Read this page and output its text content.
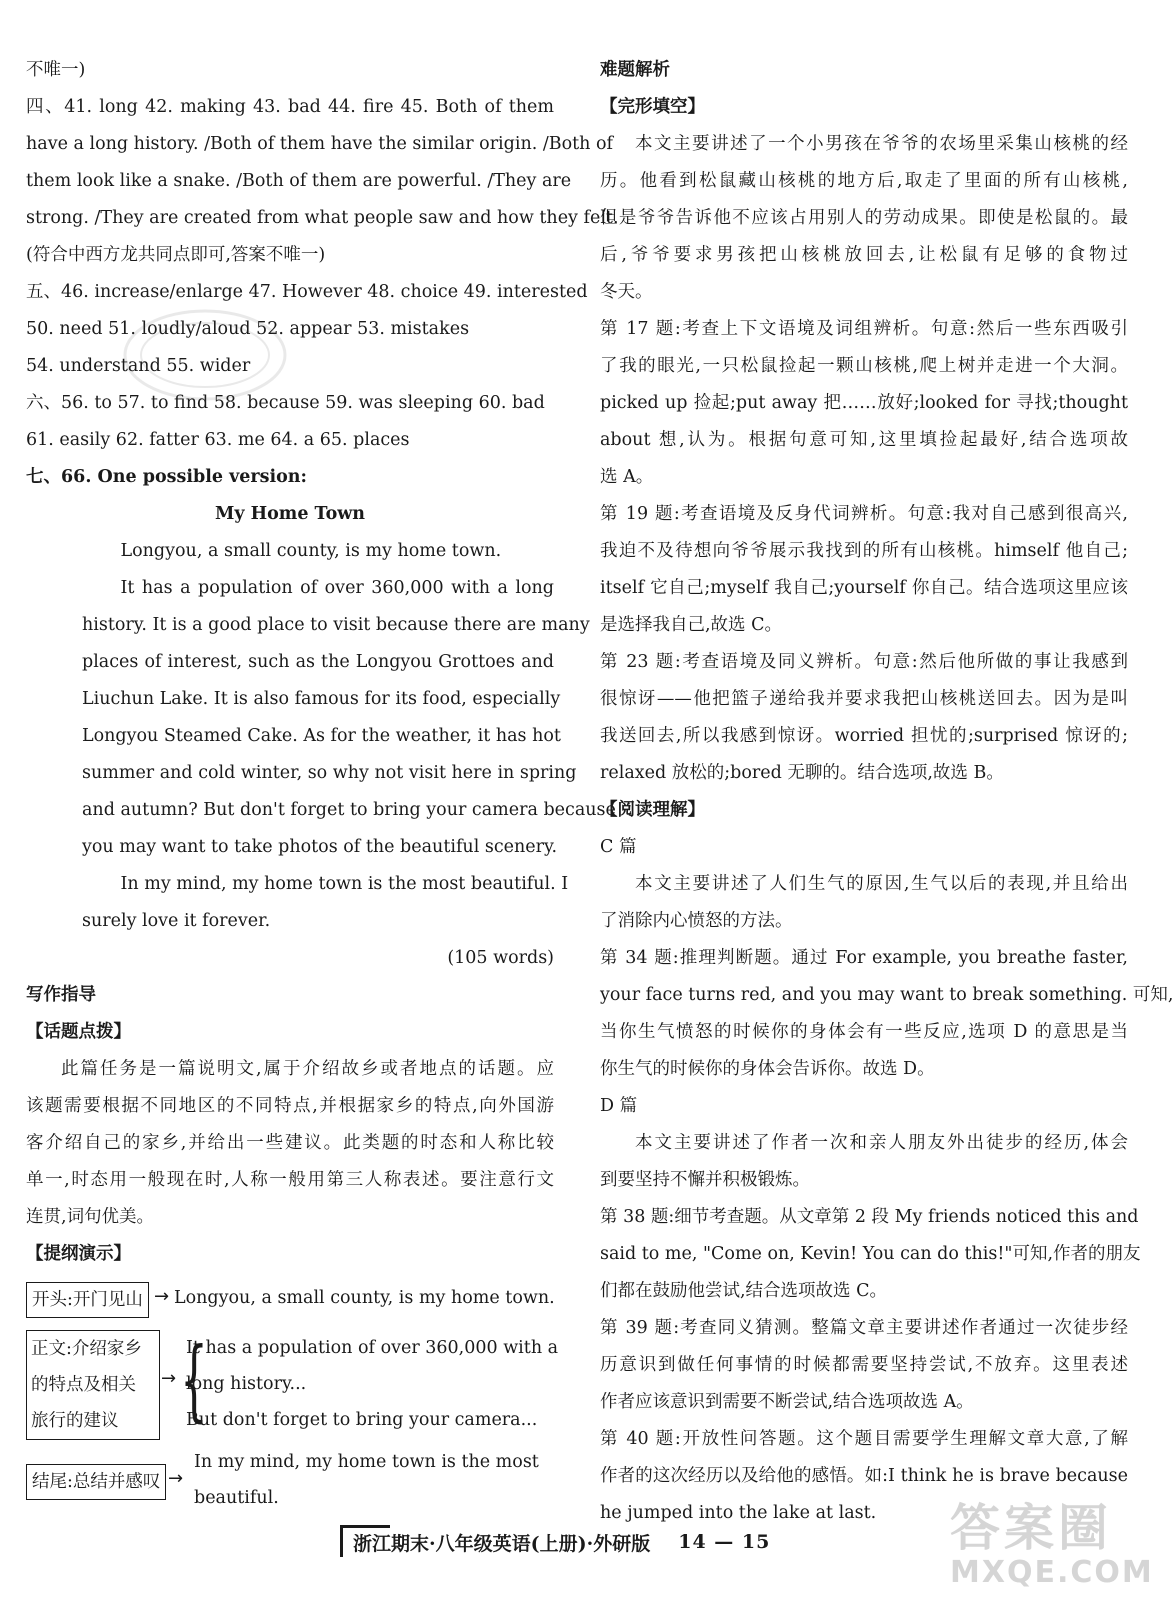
不唯一)
四、41. long 42. making 43. bad 44. fire 45. Both of them
have a long history. /Both of them have the similar origin. /Both of
them look like a snake. /Both of them are powerful. /They are
strong. /They are created from what people saw and how they felt.
(符合中西方龙共同点即可,答案不唯一)
五、46. increase/enlarge 47. However 48. choice 49. interested
50. need 51. loudly/aloud 52. appear 53. mistakes
54. understand 55. wider
六、56. to 57. to find 58. because 59. was sleeping 60. bad
61. easily 62. fatter 63. me 64. a 65. places
七、66. One possible version:
My Home Town
Longyou, a small county, is my home town.
It has a population of over 360,000 with a long
history. It is a good place to visit because there are many
places of interest, such as the Longyou Grottoes and
Liuchun Lake. It is also famous for its food, especially
Longyou Steamed Cake. As for the weather, it has hot
summer and cold winter, so why not visit here in spring
and autumn? But don't forget to bring your camera because
you may want to take photos of the beautiful scenery.
In my mind, my home town is the most beautiful. I
surely love it forever.
(105 words)
写作指导
【话题点拨】
此篇任务是一篇说明文,属于介绍故乡或者地点的话题。应
该题需要根据不同地区的不同特点,并根据家乡的特点,向外国游
客介绍自己的家乡,并给出一些建议。此类题的时态和人称比较
单一,时态用一般现在时,人称一般用第三人称表述。要注意行文
连贯,词句优美。
【提纲演示】
开头:开门见山 → Longyou, a small county, is my home town.
正文:介绍家乡
的特点及相关
旅行的建议
→ {
It has a population of over 360,000 with a
long history...
But don't forget to bring your camera...
结尾:总结并感叹 →
In my mind, my home town is the most
beautiful.
难题解析
【完形填空】
本文主要讲述了一个小男孩在爷爷的农场里采集山核桃的经
历。他看到松鼠藏山核桃的地方后,取走了里面的所有山核桃,
但是爷爷告诉他不应该占用别人的劳动成果。即使是松鼠的。最
后,爷爷要求男孩把山核桃放回去,让松鼠有足够的食物过
冬天。
第 17 题:考查上下文语境及词组辨析。句意:然后一些东西吸引
了我的眼光,一只松鼠捡起一颗山核桃,爬上树并走进一个大洞。
picked up 捡起;put away 把……放好;looked for 寻找;thought
about 想,认为。根据句意可知,这里填捡起最好,结合选项故
选 A。
第 19 题:考查语境及反身代词辨析。句意:我对自己感到很高兴,
我迫不及待想向爷爷展示我找到的所有山核桃。himself 他自己;
itself 它自己;myself 我自己;yourself 你自己。结合选项这里应该
是选择我自己,故选 C。
第 23 题:考查语境及同义辨析。句意:然后他所做的事让我感到
很惊讶——他把篮子递给我并要求我把山核桃送回去。因为是叫
我送回去,所以我感到惊讶。worried 担忧的;surprised 惊讶的;
relaxed 放松的;bored 无聊的。结合选项,故选 B。
【阅读理解】
C 篇
本文主要讲述了人们生气的原因,生气以后的表现,并且给出
了消除内心愤怒的方法。
第 34 题:推理判断题。通过 For example, you breathe faster,
your face turns red, and you may want to break something. 可知,
当你生气愤怒的时候你的身体会有一些反应,选项 D 的意思是当
你生气的时候你的身体会告诉你。故选 D。
D 篇
本文主要讲述了作者一次和亲人朋友外出徒步的经历,体会
到要坚持不懈并积极锻炼。
第 38 题:细节考查题。从文章第 2 段 My friends noticed this and
said to me, "Come on, Kevin! You can do this!"可知,作者的朋友
们都在鼓励他尝试,结合选项故选 C。
第 39 题:考查同义猜测。整篇文章主要讲述作者通过一次徒步经
历意识到做任何事情的时候都需要坚持尝试,不放弃。这里表述
作者应该意识到需要不断尝试,结合选项故选 A。
第 40 题:开放性问答题。这个题目需要学生理解文章大意,了解
作者的这次经历以及给他的感悟。如:I think he is brave because
he jumped into the lake at last.
浙江期末·八年级英语(上册)·外研版 14 — 15	答案圈
MXQE.COM
